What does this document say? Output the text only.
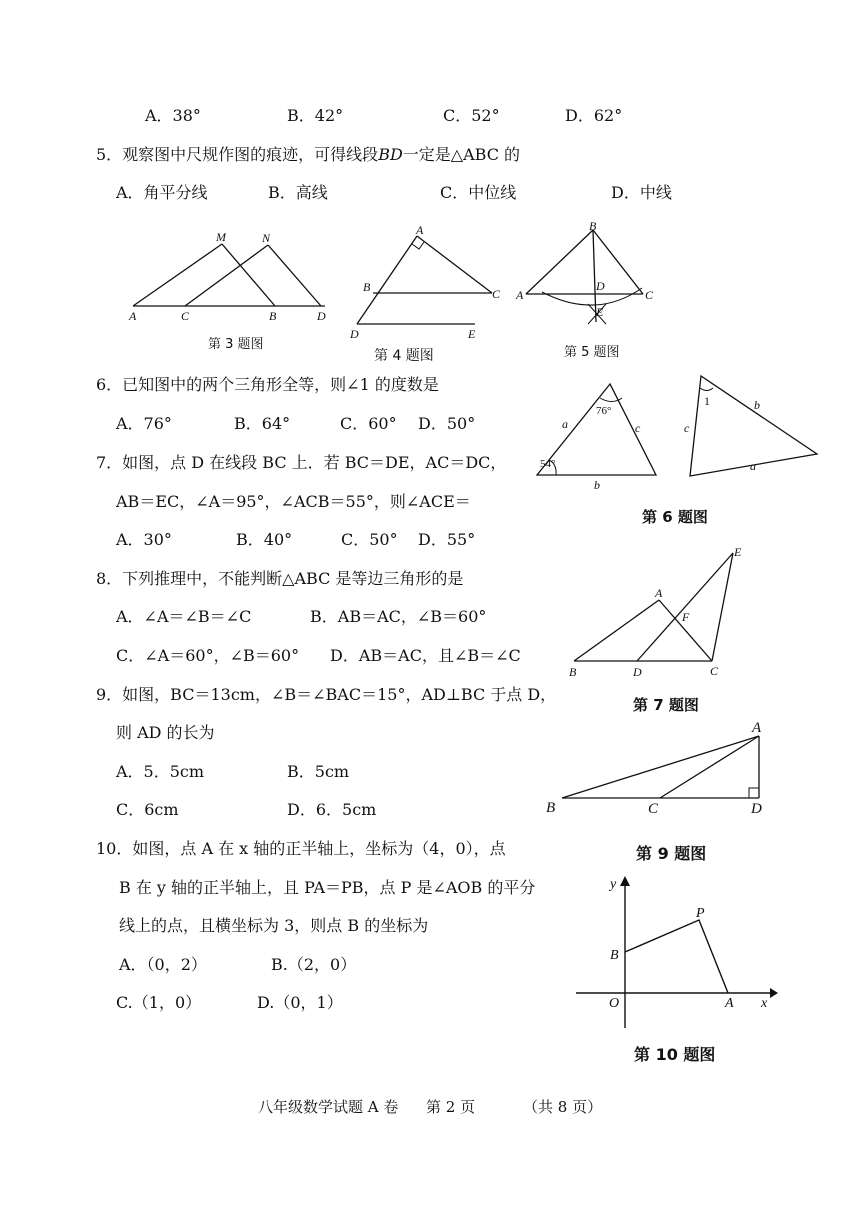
A．38°	B．42°	C．52°	D．62°
5．观察图中尺规作图的痕迹，可得线段BD一定是△ABC 的
A．角平分线	B．高线	C．中位线	D．中线
M	N
A	C	B	D
第 3 题图
A
B	C
D	E
第 4 题图
B
A
D
C
E
第 5 题图
6．已知图中的两个三角形全等，则∠1 的度数是
A．76°	B．64°	C．60° D．50°
76°
54°
a	c
b
1
c
b
a
第 6 题图
7．如图，点 D 在线段 BC 上．若 BC＝DE，AC＝DC，
AB＝EC，∠A＝95°，∠ACB＝55°，则∠ACE＝
A．30°	B．40°	C．50° D．55°
E
A
F
B	D	C
第 7 题图
8．下列推理中，不能判断△ABC 是等边三角形的是
A．∠A＝∠B＝∠C	B．AB＝AC，∠B＝60°
C．∠A＝60°，∠B＝60° D．AB＝AC，且∠B＝∠C
9．如图，BC＝13cm，∠B＝∠BAC＝15°，AD⊥BC 于点 D，
则 AD 的长为
A．5．5cm	B．5cm
C．6cm	D．6．5cm
A
B	C	D
第 9 题图
10．如图，点 A 在 x 轴的正半轴上，坐标为（4，0），点
B 在 y 轴的正半轴上，且 PA＝PB，点 P 是∠AOB 的平分
线上的点，且横坐标为 3，则点 B 的坐标为
A．（0，2）	B.（2，0）
C.（1，0）	D.（0，1）
y
P
B
O	A x
第 10 题图
八年级数学试题 A 卷 第 2 页	（共 8 页）
